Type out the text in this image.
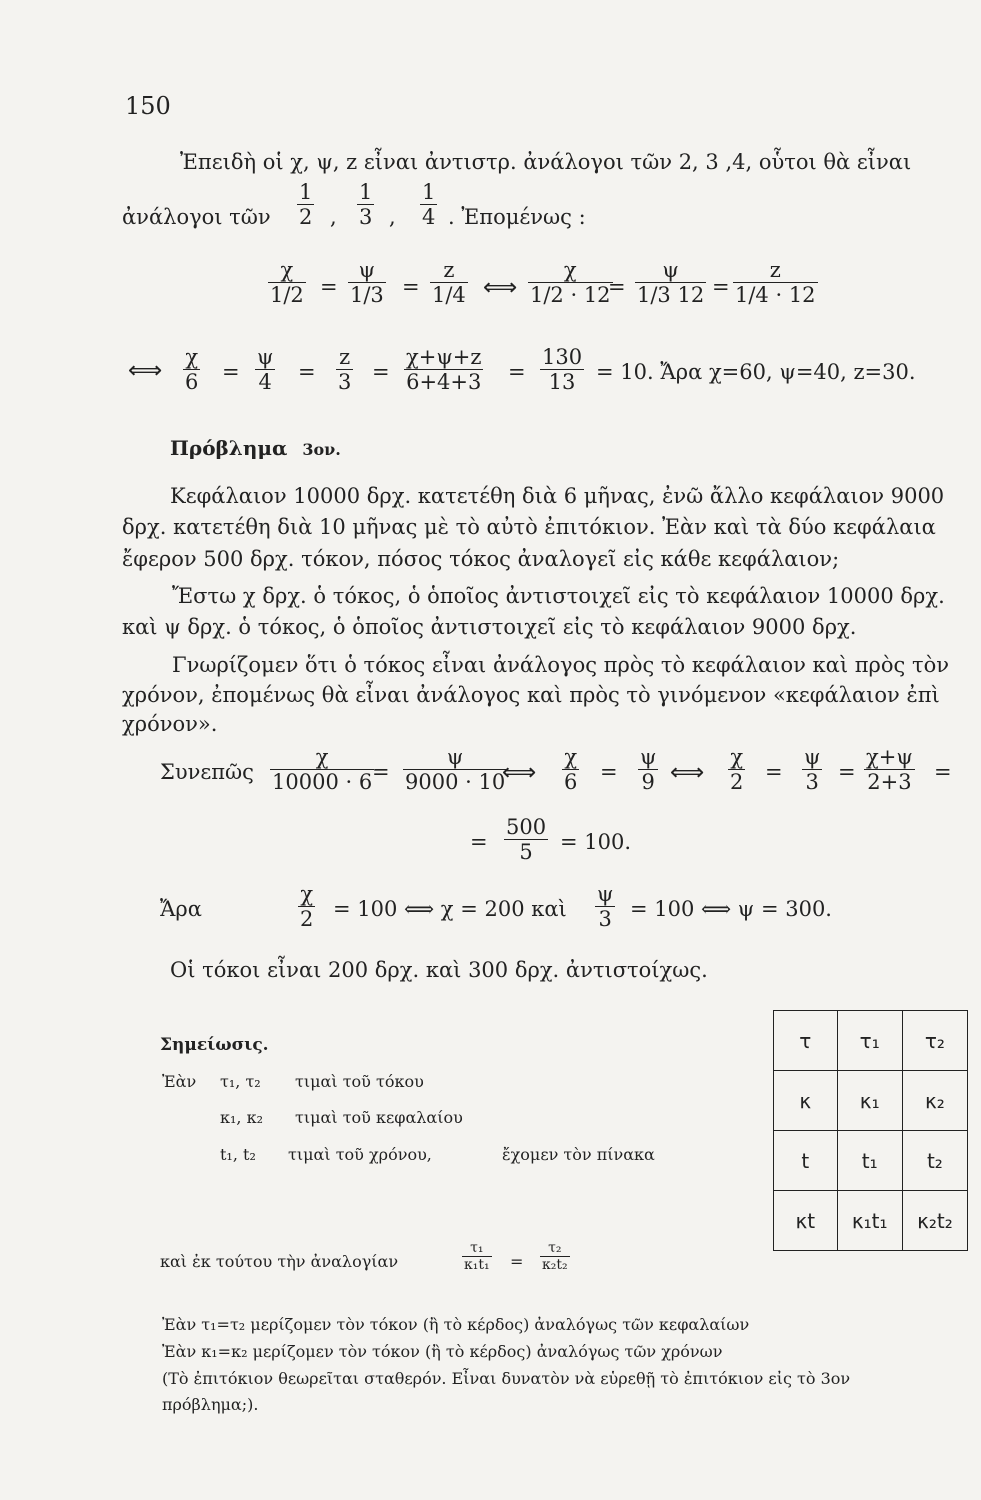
150
Ἐπειδὴ οἱ χ, ψ, z εἶναι ἀντιστρ. ἀνάλογοι τῶν 2, 3 ,4, οὗτοι θὰ εἶναι
ἀνάλογοι τῶν
1
2 ,
1
3 ,
1
4 . Ἐπομένως :
χ
1/2 =
ψ
1/3 =
z
1/4 ⟺
χ
1/2 · 12
=
ψ
1/3 12 =
z
1/4 · 12
⟺ χ
6 =
ψ
4 =
z
3 =
χ+ψ+z
6+4+3 =
130
13 = 10. Ἄρα χ=60, ψ=40, z=30.
Πρόβλημα 3ον.
Κεφάλαιον 10000 δρχ. κατετέθη διὰ 6 μῆνας, ἐνῶ ἄλλο κεφάλαιον 9000
δρχ. κατετέθη διὰ 10 μῆνας μὲ τὸ αὐτὸ ἐπιτόκιον. Ἐὰν καὶ τὰ δύο κεφάλαια
ἔφερον 500 δρχ. τόκον, πόσος τόκος ἀναλογεῖ εἰς κάθε κεφάλαιον;
Ἔστω χ δρχ. ὁ τόκος, ὁ ὁποῖος ἀντιστοιχεῖ εἰς τὸ κεφάλαιον 10000 δρχ.
καὶ ψ δρχ. ὁ τόκος, ὁ ὁποῖος ἀντιστοιχεῖ εἰς τὸ κεφάλαιον 9000 δρχ.
Γνωρίζομεν ὅτι ὁ τόκος εἶναι ἀνάλογος πρὸς τὸ κεφάλαιον καὶ πρὸς τὸν
χρόνον, ἐπομένως θὰ εἶναι ἀνάλογος καὶ πρὸς τὸ γινόμενον «κεφάλαιον ἐπὶ
χρόνον».
Συνεπῶς
χ
10000 · 6 =
ψ
9000 · 10
⟺
χ
6 =
ψ
9 ⟺
χ
2 =
ψ
3 =
χ+ψ
2+3 =
=
500
5 = 100.
Ἄρα
χ
2 = 100 ⟺ χ = 200 καὶ
ψ
3 = 100 ⟺ ψ = 300.
Οἱ τόκοι εἶναι 200 δρχ. καὶ 300 δρχ. ἀντιστοίχως.
Σημείωσις.
Ἐὰν τ₁, τ₂ τιμαὶ τοῦ τόκου
κ₁, κ₂ τιμαὶ τοῦ κεφαλαίου
t₁, t₂ τιμαὶ τοῦ χρόνου,	ἔχομεν τὸν πίνακα
καὶ ἐκ τούτου τὴν ἀναλογίαν
τ₁
κ₁t₁ =
τ₂
κ₂t₂
Ἐὰν τ₁=τ₂ μερίζομεν τὸν τόκον (ἢ τὸ κέρδος) ἀναλόγως τῶν κεφαλαίων
Ἐὰν κ₁=κ₂ μερίζομεν τὸν τόκον (ἢ τὸ κέρδος) ἀναλόγως τῶν χρόνων
(Τὸ ἐπιτόκιον θεωρεῖται σταθερόν. Εἶναι δυνατὸν νὰ εὑρεθῇ τὸ ἐπιτόκιον εἰς τὸ 3ον
πρόβλημα;).
τ	τ₁	τ₂
κ	κ₁	κ₂
t	t₁	t₂
κt	κ₁t₁	κ₂t₂
